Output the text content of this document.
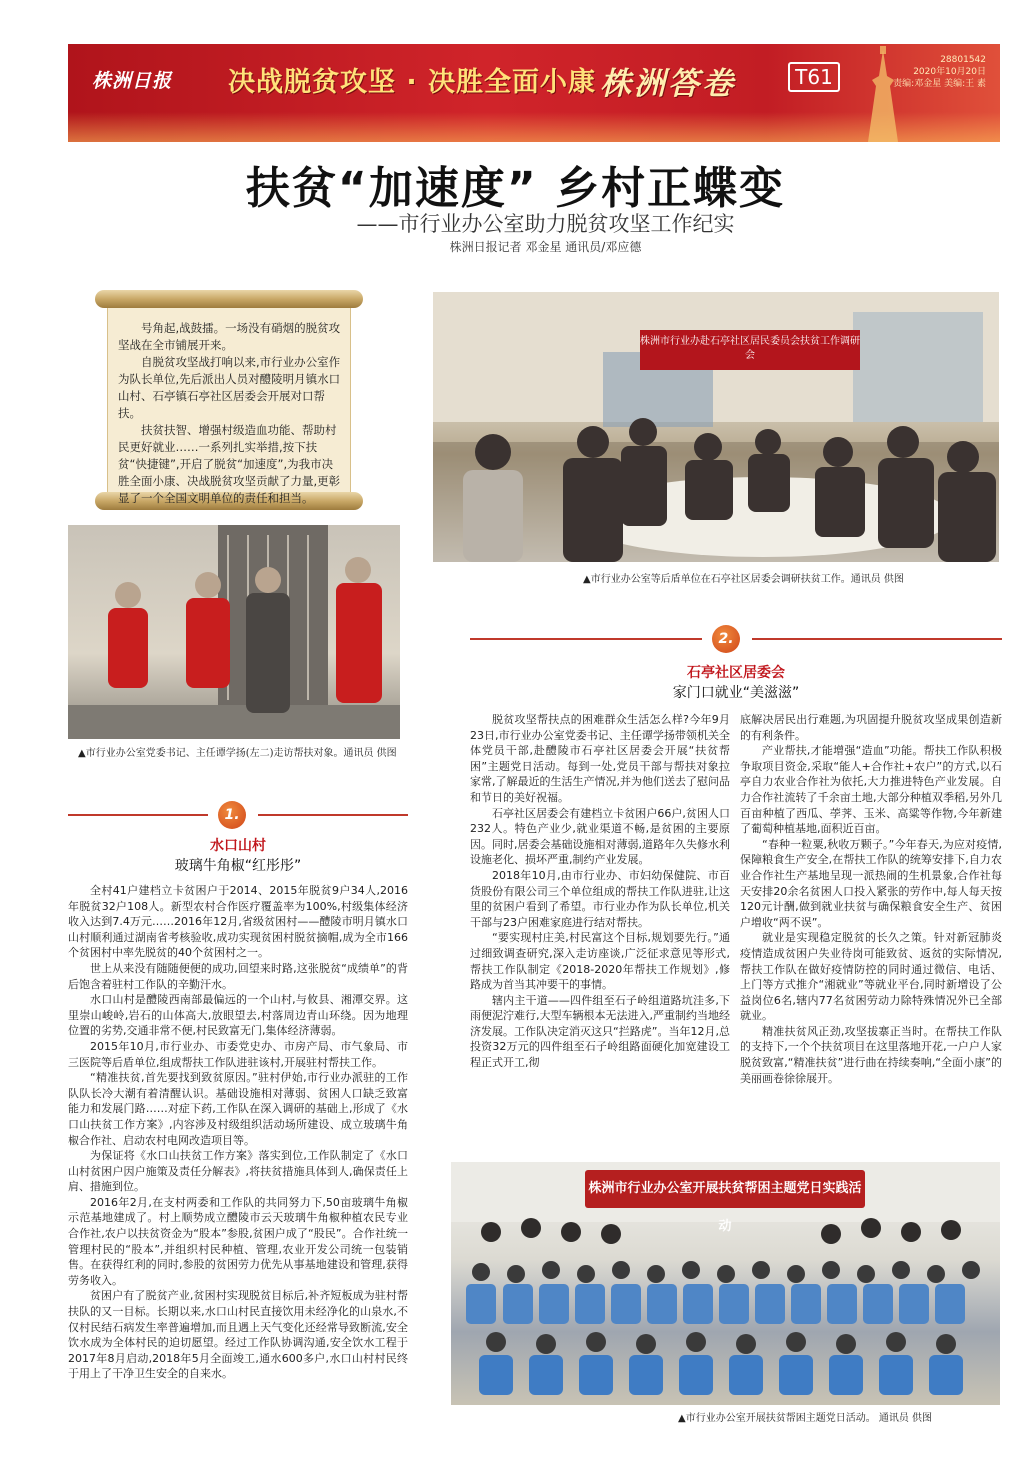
株洲日报 决战脱贫攻坚 · 决胜全面小康 株洲答卷	T61
28801542
2020年10月20日
责编:邓金星 美编:王 素
扶贫“加速度” 乡村正蝶变
——市行业办公室助力脱贫攻坚工作纪实
株洲日报记者 邓金星 通讯员/邓应德

号角起,战鼓擂。一场没有硝烟的脱贫攻坚战在全市铺展开来。

自脱贫攻坚战打响以来,市行业办公室作为队长单位,先后派出人员对醴陵明月镇水口山村、石亭镇石亭社区居委会开展对口帮扶。

扶贫扶智、增强村级造血功能、帮助村民更好就业……一系列扎实举措,按下扶贫“快捷键”,开启了脱贫“加速度”,为我市决胜全面小康、决战脱贫攻坚贡献了力量,更彰显了一个全国文明单位的责任和担当。

株洲市行业办赴石亭社区居民委员会扶贫工作调研会
▲市行业办公室等后盾单位在石亭社区居委会调研扶贫工作。通讯员 供图
▲市行业办公室党委书记、主任谭学扬(左二)走访帮扶对象。通讯员 供图
1.
水口山村
玻璃牛角椒“红彤彤”

全村41户建档立卡贫困户于2014、2015年脱贫9户34人,2016年脱贫32户108人。新型农村合作医疗覆盖率为100%,村级集体经济收入达到7.4万元……2016年12月,省级贫困村——醴陵市明月镇水口山村顺利通过湖南省考核验收,成功实现贫困村脱贫摘帽,成为全市166个贫困村中率先脱贫的40个贫困村之一。

世上从来没有随随便便的成功,回望来时路,这张脱贫“成绩单”的背后饱含着驻村工作队的辛勤汗水。

水口山村是醴陵西南部最偏远的一个山村,与攸县、湘潭交界。这里崇山峻岭,岩石的山体高大,放眼望去,村落周边青山环绕。因为地理位置的劣势,交通非常不便,村民致富无门,集体经济薄弱。

2015年10月,市行业办、市委党史办、市房产局、市气象局、市三医院等后盾单位,组成帮扶工作队进驻该村,开展驻村帮扶工作。

“精准扶贫,首先要找到致贫原因。”驻村伊始,市行业办派驻的工作队队长冷大潮有着清醒认识。基础设施相对薄弱、贫困人口缺乏致富能力和发展门路……对症下药,工作队在深入调研的基础上,形成了《水口山扶贫工作方案》,内容涉及村级组织活动场所建设、成立玻璃牛角椒合作社、启动农村电网改造项目等。

为保证将《水口山扶贫工作方案》落实到位,工作队制定了《水口山村贫困户因户施策及责任分解表》,将扶贫措施具体到人,确保责任上肩、措施到位。

2016年2月,在支村两委和工作队的共同努力下,50亩玻璃牛角椒示范基地建成了。村上顺势成立醴陵市云天玻璃牛角椒种植农民专业合作社,农户以扶贫资金为“股本”参股,贫困户成了“股民”。合作社统一管理村民的“股本”,并组织村民种植、管理,农业开发公司统一包装销售。在获得红利的同时,参股的贫困劳力优先从事基地建设和管理,获得劳务收入。

贫困户有了脱贫产业,贫困村实现脱贫目标后,补齐短板成为驻村帮扶队的又一目标。长期以来,水口山村民直接饮用未经净化的山泉水,不仅村民结石病发生率普遍增加,而且遇上天气变化还经常导致断流,安全饮水成为全体村民的迫切愿望。经过工作队协调沟通,安全饮水工程于2017年8月启动,2018年5月全面竣工,通水600多户,水口山村村民终于用上了干净卫生安全的自来水。

2.
石亭社区居委会
家门口就业“美滋滋”

脱贫攻坚帮扶点的困难群众生活怎么样?今年9月23日,市行业办公室党委书记、主任谭学扬带领机关全体党员干部,赴醴陵市石亭社区居委会开展“扶贫帮困”主题党日活动。每到一处,党员干部与帮扶对象拉家常,了解最近的生活生产情况,并为他们送去了慰问品和节日的美好祝福。

石亭社区居委会有建档立卡贫困户66户,贫困人口232人。特色产业少,就业渠道不畅,是贫困的主要原因。同时,居委会基础设施相对薄弱,道路年久失修水利设施老化、损坏严重,制约产业发展。

2018年10月,由市行业办、市妇幼保健院、市百货股份有限公司三个单位组成的帮扶工作队进驻,让这里的贫困户看到了希望。市行业办作为队长单位,机关干部与23户困难家庭进行结对帮扶。

“要实现村庄美,村民富这个目标,规划要先行。”通过细致调查研究,深入走访座谈,广泛征求意见等形式,帮扶工作队制定《2018-2020年帮扶工作规划》,修路成为首当其冲要干的事情。

辖内主干道——四件组至石子岭组道路坑洼多,下雨便泥泞难行,大型车辆根本无法进入,严重制约当地经济发展。工作队决定消灭这只“拦路虎”。当年12月,总投资32万元的四件组至石子岭组路面硬化加宽建设工程正式开工,彻

底解决居民出行难题,为巩固提升脱贫攻坚成果创造新的有利条件。

产业帮扶,才能增强“造血”功能。帮扶工作队积极争取项目资金,采取“能人+合作社+农户”的方式,以石亭自力农业合作社为依托,大力推进特色产业发展。自力合作社流转了千余亩土地,大部分种植双季稻,另外几百亩种植了西瓜、荸荠、玉米、高粱等作物,今年新建了葡萄种植基地,面积近百亩。

“春种一粒粟,秋收万颗子。”今年春天,为应对疫情,保障粮食生产安全,在帮扶工作队的统筹安排下,自力农业合作社生产基地呈现一派热闹的生机景象,合作社每天安排20余名贫困人口投入紧张的劳作中,每人每天按120元计酬,做到就业扶贫与确保粮食安全生产、贫困户增收“两不误”。

就业是实现稳定脱贫的长久之策。针对新冠肺炎疫情造成贫困户失业待岗可能致贫、返贫的实际情况,帮扶工作队在做好疫情防控的同时通过微信、电话、上门等方式推介“湘就业”等就业平台,同时新增设了公益岗位6名,辖内77名贫困劳动力除特殊情况外已全部就业。

精准扶贫风正劲,攻坚拔寨正当时。在帮扶工作队的支持下,一个个扶贫项目在这里落地开花,一户户人家脱贫致富,“精准扶贫”进行曲在持续奏响,“全面小康”的美丽画卷徐徐展开。

株洲市行业办公室开展扶贫帮困主题党日实践活动
▲市行业办公室开展扶贫帮困主题党日活动。 通讯员 供图
